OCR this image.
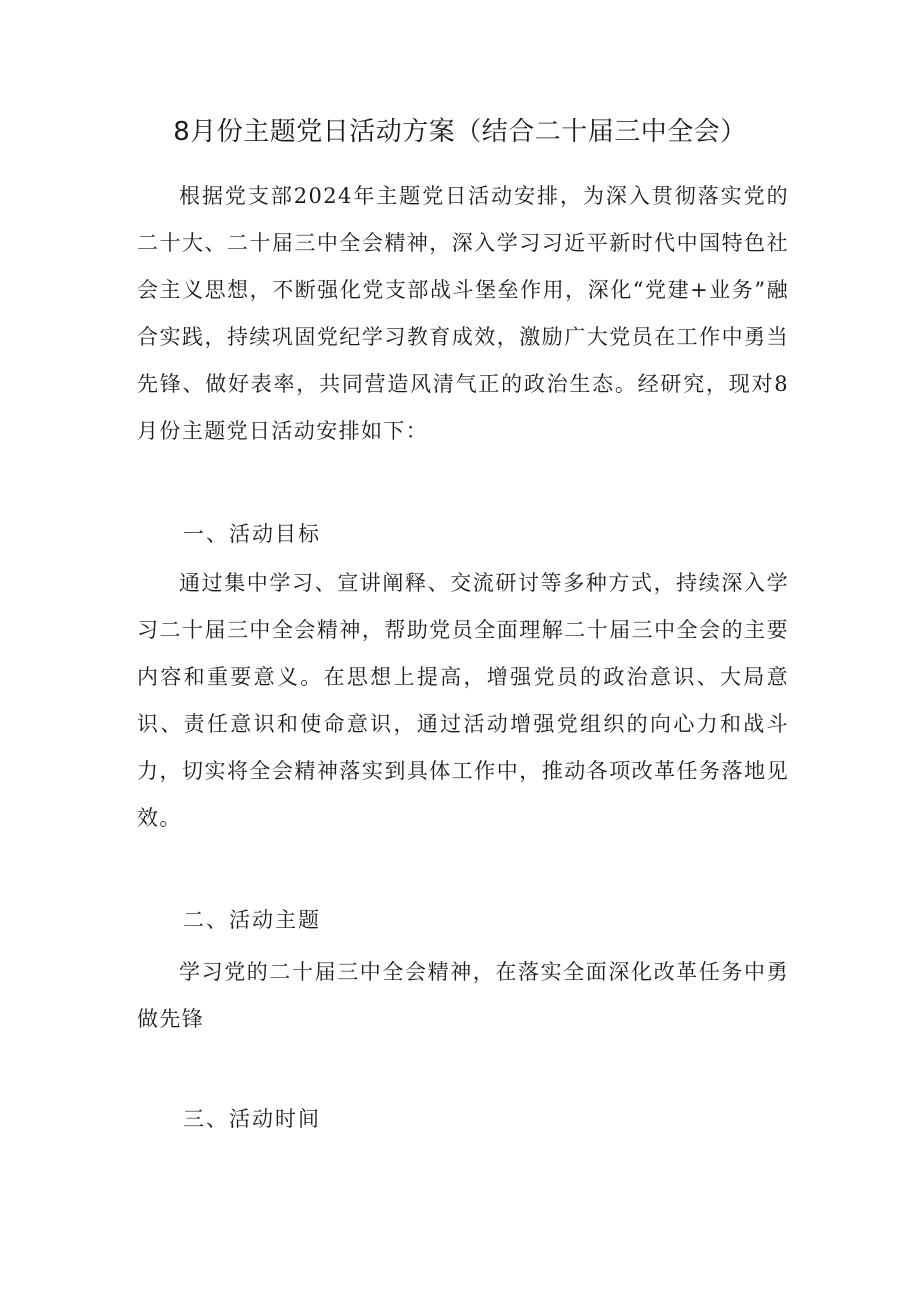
8月份主题党日活动方案（结合二十届三中全会）

根据党支部2024年主题党日活动安排，为深入贯彻落实党的二十大、二十届三中全会精神，深入学习习近平新时代中国特色社会主义思想，不断强化党支部战斗堡垒作用，深化“党建+业务”融合实践，持续巩固党纪学习教育成效，激励广大党员在工作中勇当先锋、做好表率，共同营造风清气正的政治生态。经研究，现对8月份主题党日活动安排如下：

一、活动目标

通过集中学习、宣讲阐释、交流研讨等多种方式，持续深入学习二十届三中全会精神，帮助党员全面理解二十届三中全会的主要内容和重要意义。在思想上提高，增强党员的政治意识、大局意识、责任意识和使命意识，通过活动增强党组织的向心力和战斗力，切实将全会精神落实到具体工作中，推动各项改革任务落地见效。

二、活动主题

学习党的二十届三中全会精神，在落实全面深化改革任务中勇做先锋

三、活动时间
